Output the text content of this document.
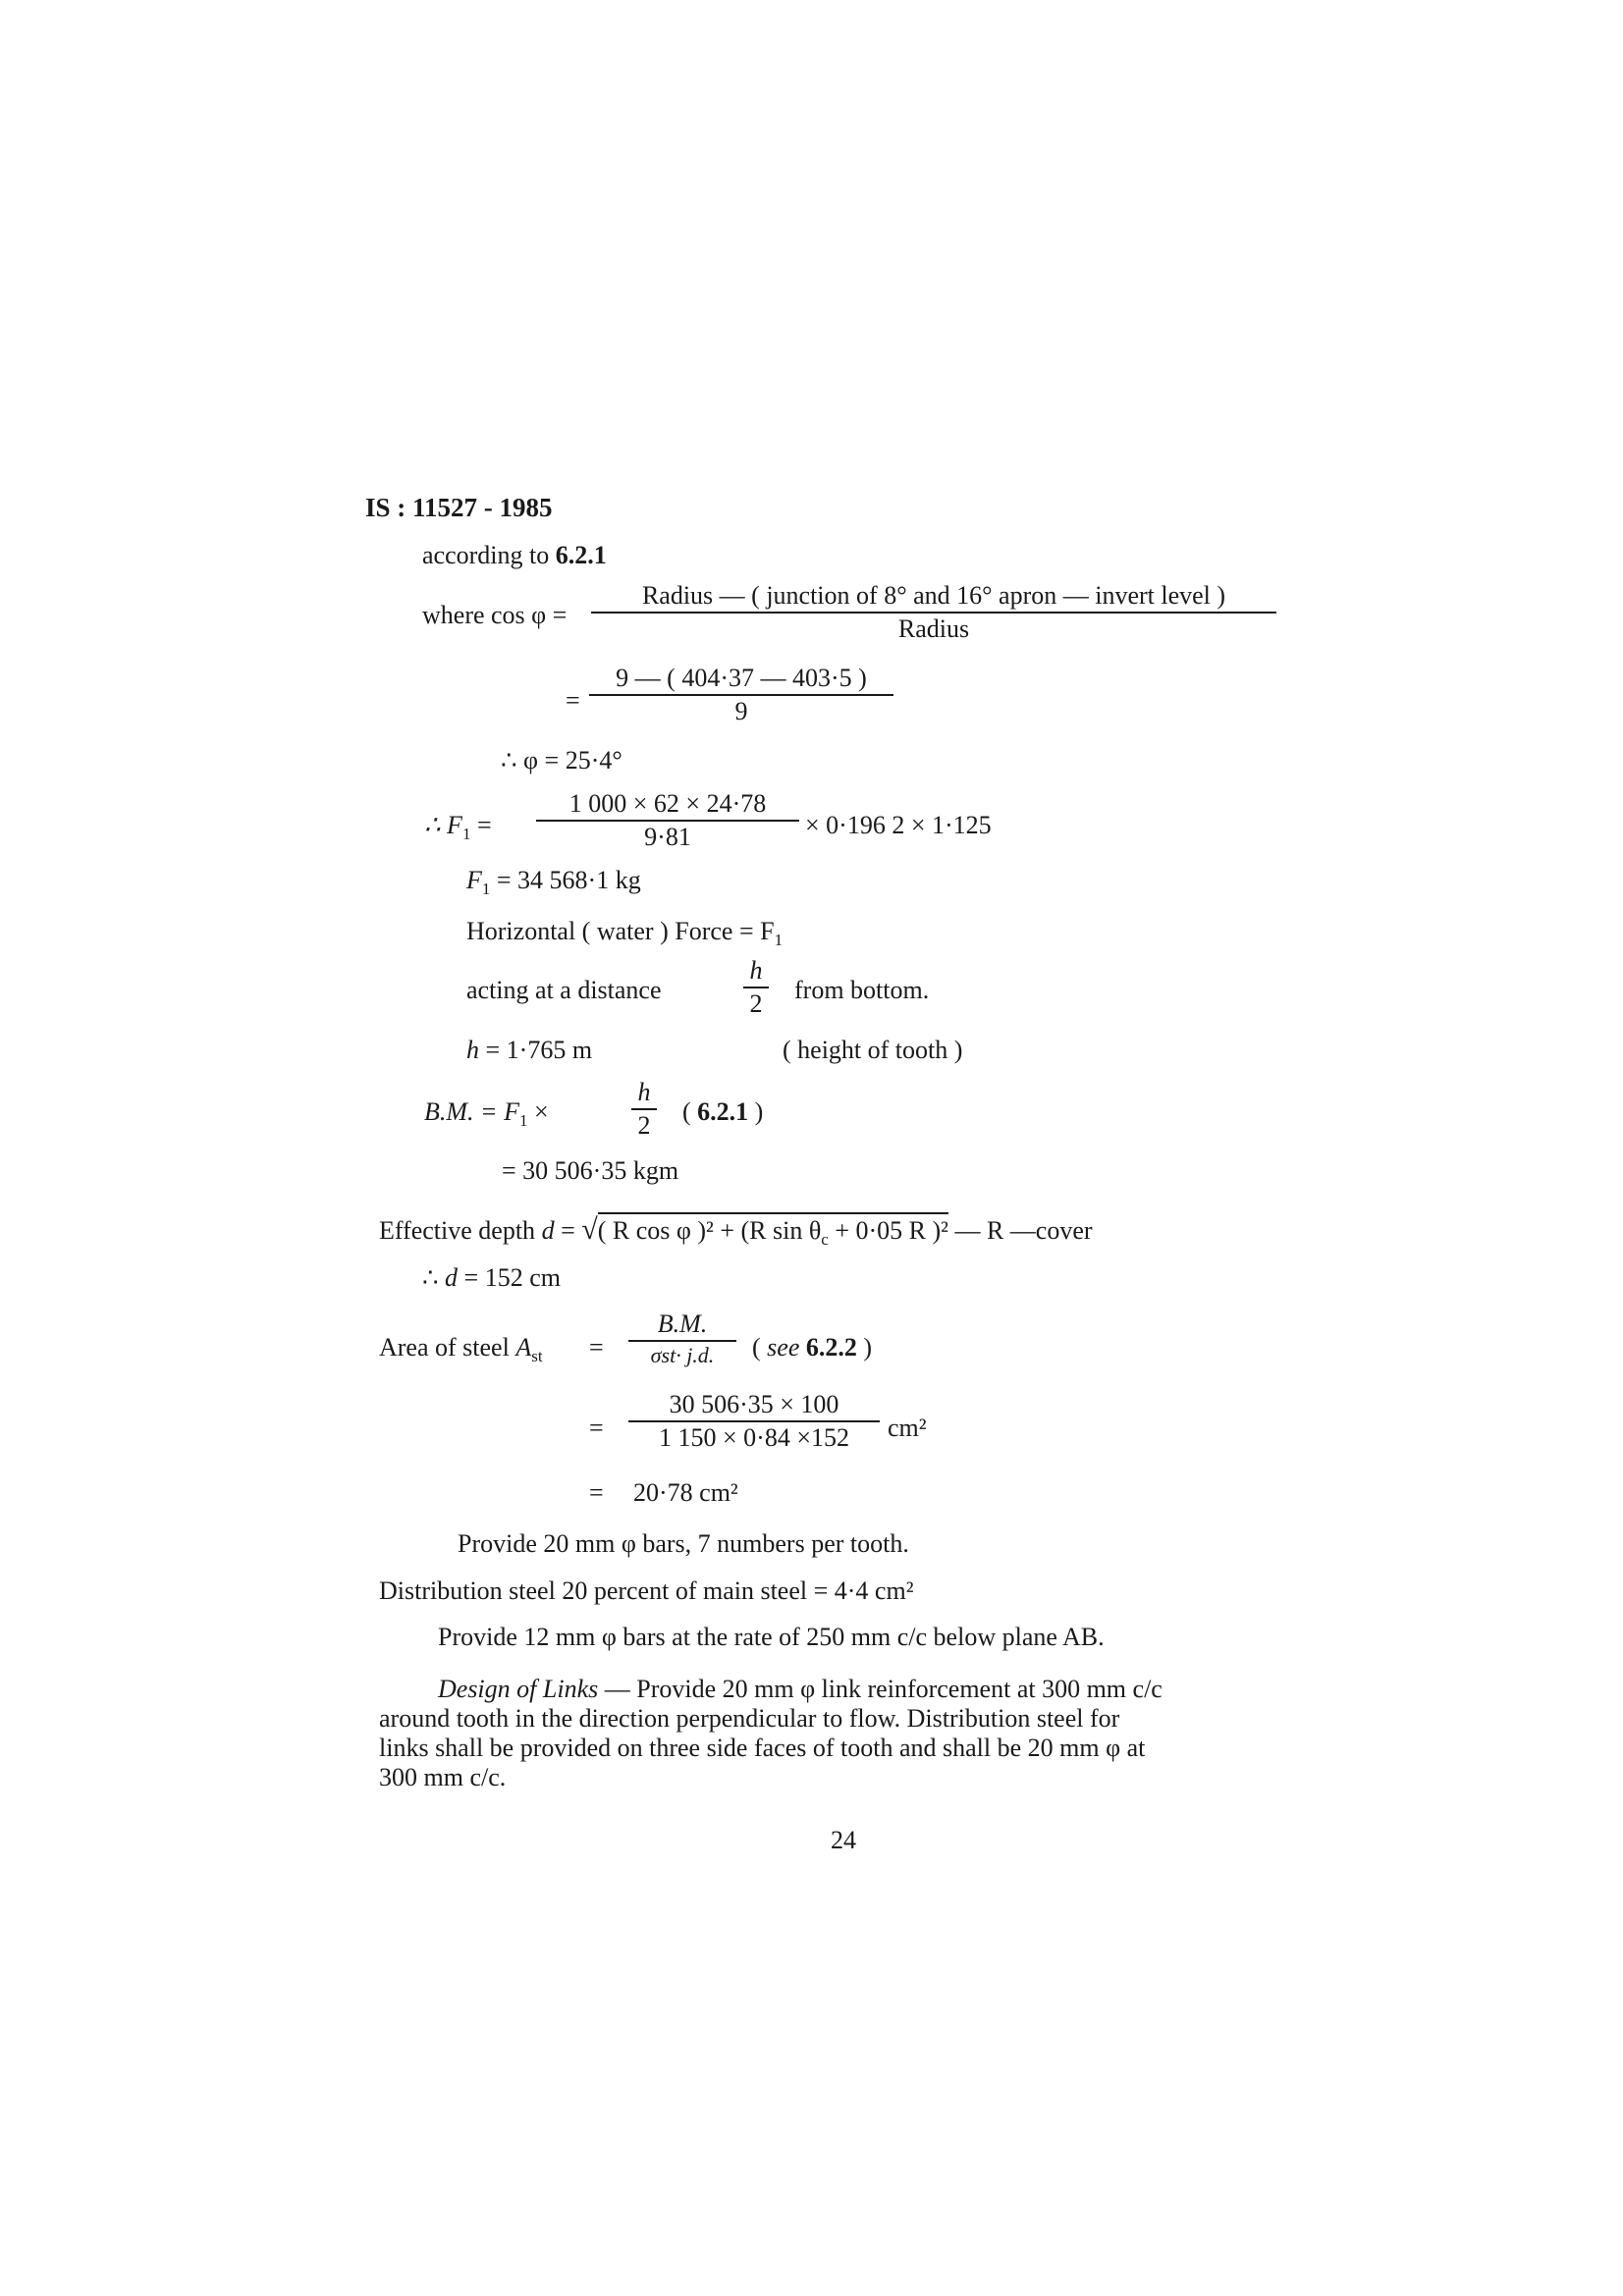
IS : 11527 - 1985
according to 6.2.1
where cos φ =
Radius — ( junction of 8° and 16° apron — invert level )
Radius
=
9 — ( 404·37 — 403·5 )
9
∴ φ = 25·4°
∴ $F_1$ =
1 000 × 62 × 24·78
9·81	× 0·196 2 × 1·125
$F_1 = 34$ 568·1 kg
Horizontal ( water ) Force = $F_1$
acting at a distance
h
2 from bottom.
h = 1·765 m	( height of tooth )
B.M. = $F_1$ ×
h
2 ( 6.2.1 )
= 30 506·35 kgm
Effective depth d = √( R cos φ )² + (R $\sin \theta_c + 0\cdot 05$ R )² — R —cover
∴ d = 152 cm
Area of steel $A_{st}$ =
B.M.
σst· j.d.	( see 6.2.2 )
=
30 506·35 × 100
1 150 × 0·84 ×152	cm²
= 20·78 cm²
Provide 20 mm φ bars, 7 numbers per tooth.
Distribution steel 20 percent of main steel = 4·4 cm²
Provide 12 mm φ bars at the rate of 250 mm c/c below plane AB.
Design of Links — Provide 20 mm φ link reinforcement at 300 mm c/c
around tooth in the direction perpendicular to flow. Distribution steel for
links shall be provided on three side faces of tooth and shall be 20 mm φ at
300 mm c/c.
24
